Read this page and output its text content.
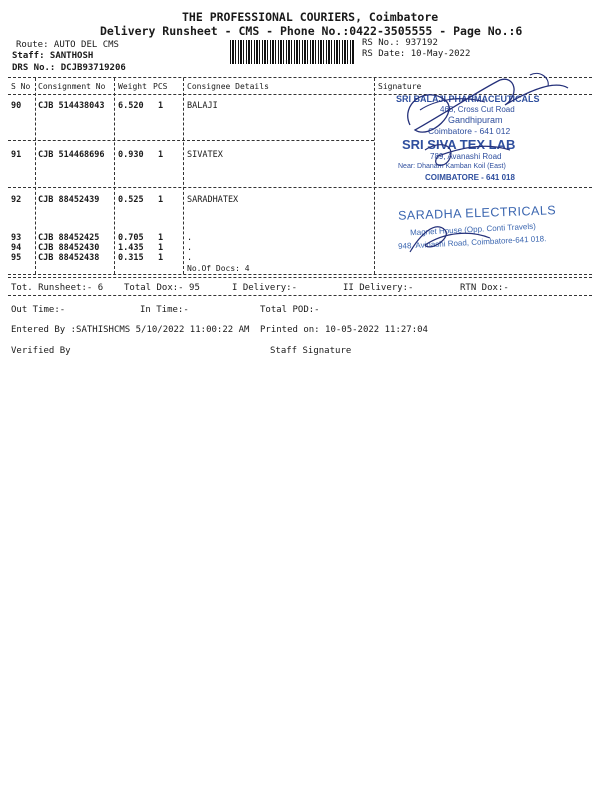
THE PROFESSIONAL COURIERS, Coimbatore
Delivery Runsheet - CMS - Phone No.:0422-3505555 - Page No.:6
Route: AUTO DEL CMS
Staff: SANTHOSH
DRS No.: DCJB93719206
RS No.: 937192
RS Date: 10-May-2022
S No Consignment No Weight PCS Consignee Details	Signature
90 CJB 514438043 6.520 1	BALAJI
91 CJB 514468696 0.930 1	SIVATEX
92 CJB 88452439 0.525 1	SARADHATEX
93 CJB 88452425 0.705 1	.
94 CJB 88452430 1.435 1	.
95 CJB 88452438 0.315 1	.
No.Of Docs: 4
SRI BALAJI PHARMACEUTICALS
468, Cross Cut Road
Gandhipuram
Coimbatore - 641 012
SRI SIVA TEX LAB
789, Avanashi Road
Near: Dhanam Kamban Koil (East)
COIMBATORE - 641 018
SARADHA ELECTRICALS
Magnet House (Opp. Conti Travels)
948, Avinashi Road, Coimbatore-641 018.
Tot. Runsheet:- 6 Total Dox:- 95	I Delivery:-	II Delivery:-	RTN Dox:-
Out Time:-	In Time:-	Total POD:-
Entered By :SATHISHCMS 5/10/2022 11:00:22 AM Printed on: 10-05-2022 11:27:04
Verified By	Staff Signature
